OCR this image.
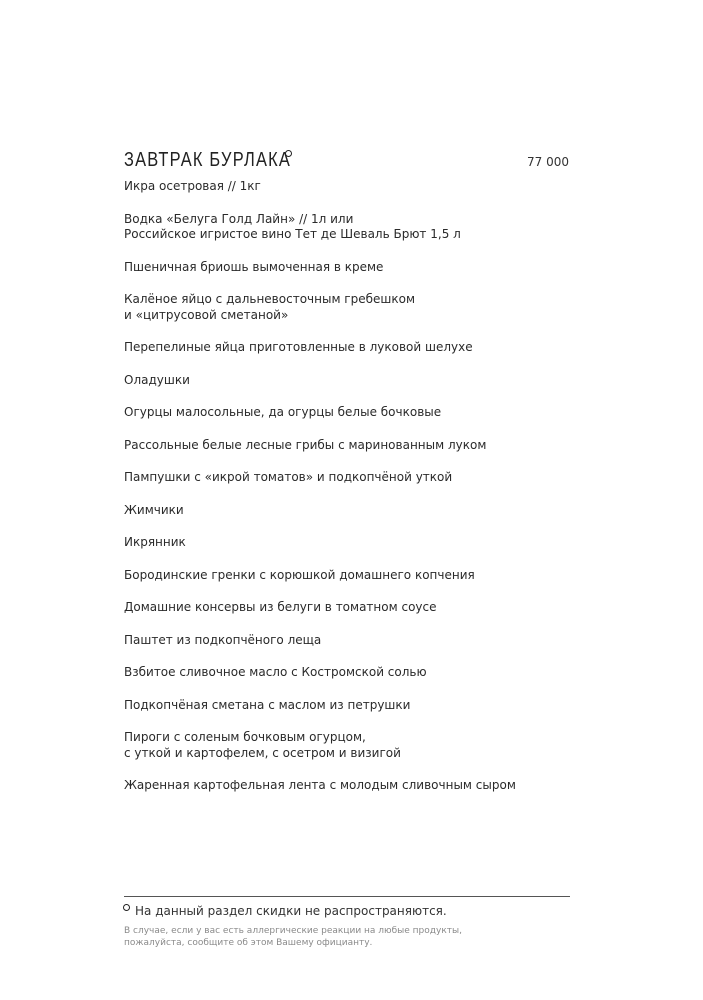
ЗАВТРАК БУРЛАКА	77 000
Икра осетровая // 1кг
Водка «Белуга Голд Лайн» // 1л или
Российское игристое вино Тет де Шеваль Брют 1,5 л
Пшеничная бриошь вымоченная в креме
Калёное яйцо с дальневосточным гребешком
и «цитрусовой сметаной»
Перепелиные яйца приготовленные в луковой шелухе
Оладушки
Огурцы малосольные, да огурцы белые бочковые
Рассольные белые лесные грибы с маринованным луком
Пампушки с «икрой томатов» и подкопчёной уткой
Жимчики
Икрянник
Бородинские гренки с корюшкой домашнего копчения
Домашние консервы из белуги в томатном соусе
Паштет из подкопчёного леща
Взбитое сливочное масло с Костромской солью
Подкопчёная сметана с маслом из петрушки
Пироги с соленым бочковым огурцом,
с уткой и картофелем, с осетром и визигой
Жаренная картофельная лента с молодым сливочным сыром
На данный раздел скидки не распространяются.
В случае, если у вас есть аллергические реакции на любые продукты,
пожалуйста, сообщите об этом Вашему официанту.
